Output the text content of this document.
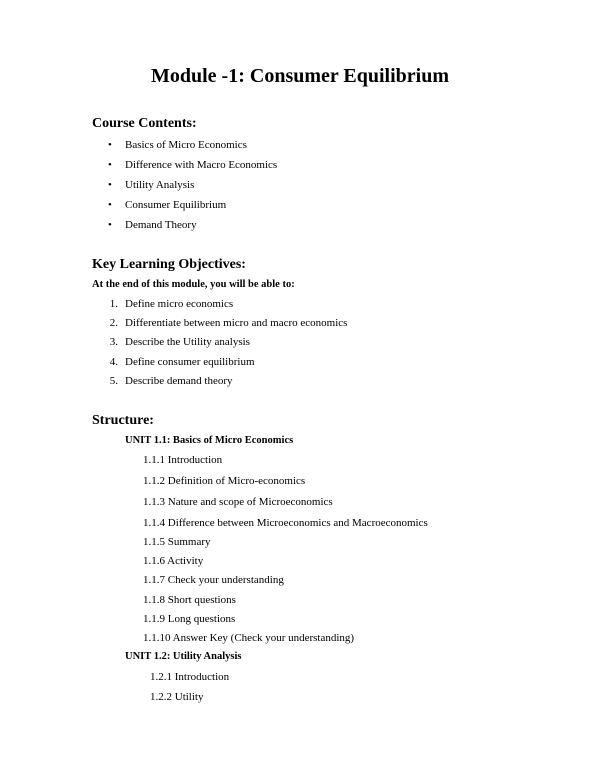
Module -1: Consumer Equilibrium
Course Contents:
• Basics of Micro Economics
• Difference with Macro Economics
• Utility Analysis
• Consumer Equilibrium
• Demand Theory
Key Learning Objectives:
At the end of this module, you will be able to:
1. Define micro economics
2. Differentiate between micro and macro economics
3. Describe the Utility analysis
4. Define consumer equilibrium
5. Describe demand theory
Structure:
UNIT 1.1: Basics of Micro Economics
1.1.1 Introduction
1.1.2 Definition of Micro-economics
1.1.3 Nature and scope of Microeconomics
1.1.4 Difference between Microeconomics and Macroeconomics
1.1.5 Summary
1.1.6 Activity
1.1.7 Check your understanding
1.1.8 Short questions
1.1.9 Long questions
1.1.10 Answer Key (Check your understanding)
UNIT 1.2: Utility Analysis
1.2.1 Introduction
1.2.2 Utility
